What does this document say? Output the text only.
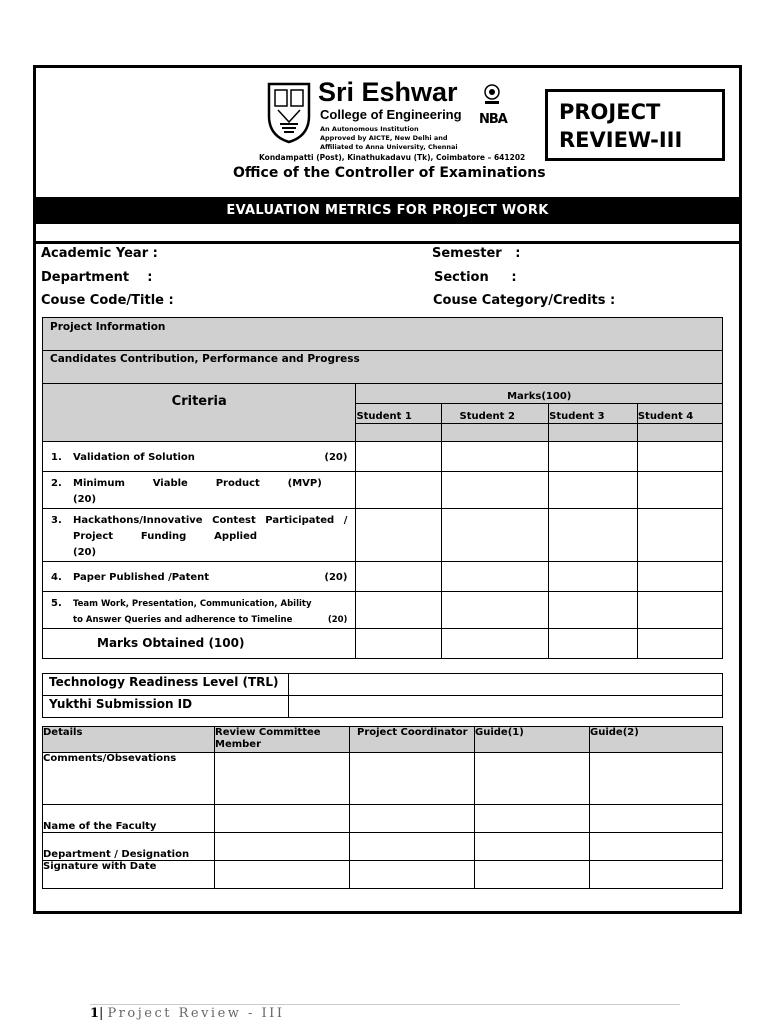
Sri Eshwar
College of Engineering
An Autonomous Institution
Approved by AICTE, New Delhi and
Affiliated to Anna University, Chennai
NBA
Kondampatti (Post), Kinathukadavu (Tk), Coimbatore – 641202
Office of the Controller of Examinations
PROJECT
REVIEW-III
EVALUATION METRICS FOR PROJECT WORK
Academic Year :	Semester   :
Department    :	Section     :
Couse Code/Title :	Couse Category/Credits :
Project Information
Candidates Contribution, Performance and Progress
Criteria	Marks(100)			
	Student 1	Student 2	Student 3	Student 4

1. Validation of Solution (20)				

2. Minimum        Viable        Product        (MVP)
(20)				

3. Hackathons/Innovative Contest Participated /        Project        Funding        Applied
(20)				

4. Paper Published /Patent (20)				

5. Team Work, Presentation, Communication, Ability to Answer Queries and adherence to Timeline (20)				

Marks Obtained (100)				

Technology Readiness Level (TRL)	

Yukthi Submission ID	

Details	Review Committee Member	Project Coordinator	Guide(1)	Guide(2)

Comments/Obsevations				

Name of the Faculty				

Department / Designation				

Signature with Date				

1| Project Review - III
